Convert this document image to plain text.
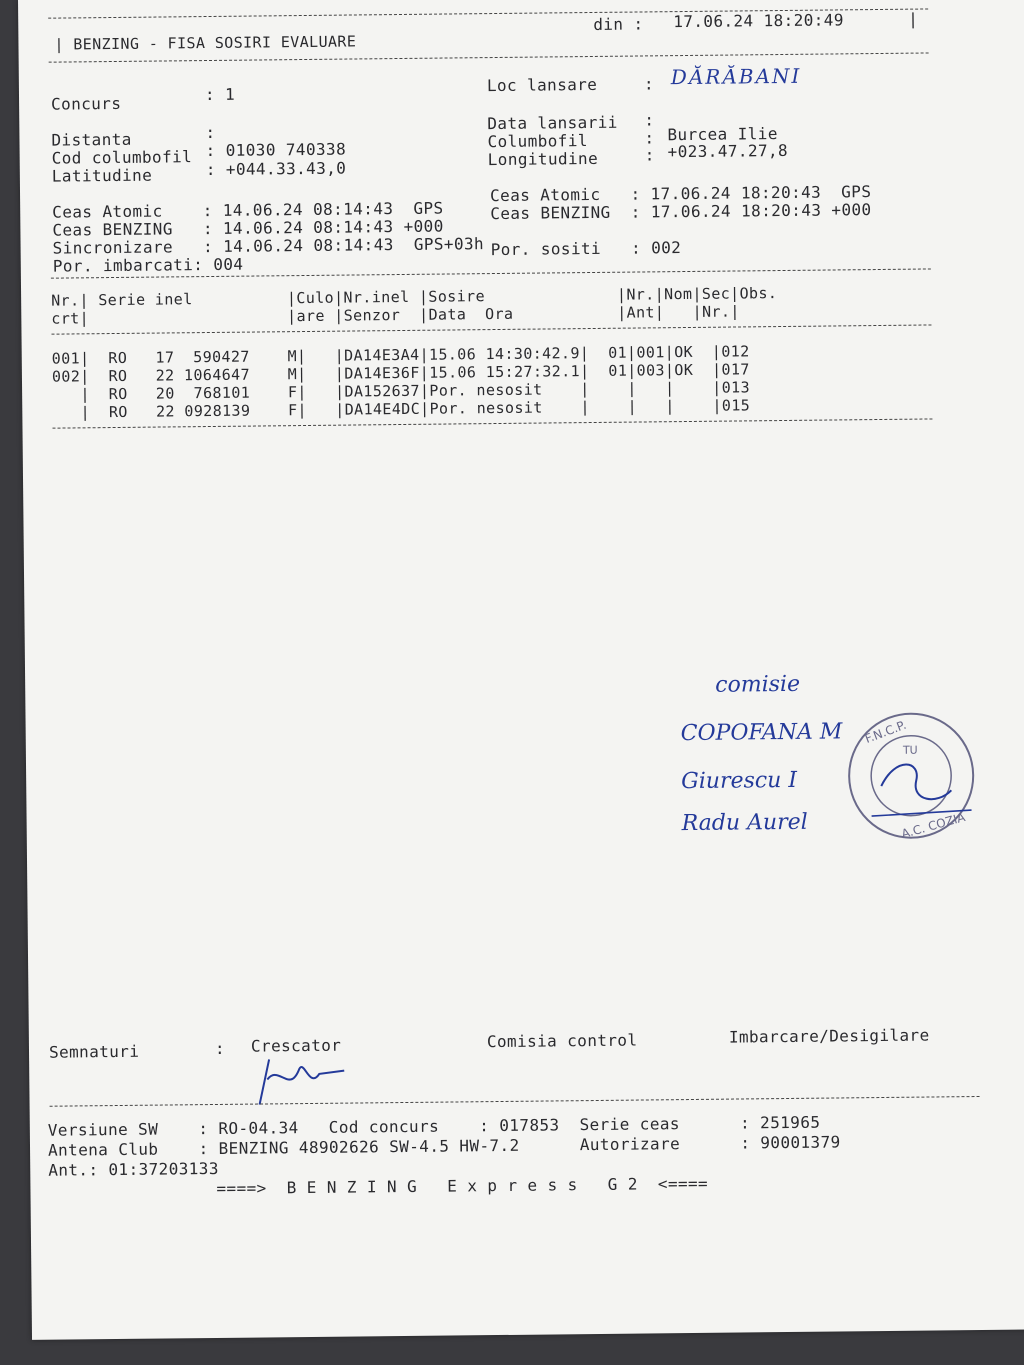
| BENZING - FISA SOSIRI EVALUARE
din : 17.06.24 18:20:49	|
Concurs	: 1
Distanta	:
Cod columbofil : 01030 740338
Latitudine	: +044.33.43,0
Loc lansare	: DĂRĂBANI
Data lansarii :
Columbofil	: Burcea Ilie
Longitudine	: +023.47.27,8
Ceas Atomic    : 14.06.24 08:14:43  GPS
Ceas BENZING   : 14.06.24 08:14:43 +000
Sincronizare   : 14.06.24 08:14:43  GPS+03h
Por. imbarcati: 004
Ceas Atomic   : 17.06.24 18:20:43  GPS
Ceas BENZING  : 17.06.24 18:20:43 +000
Por. sositi   : 002
Nr.| Serie inel          |Culo|Nr.inel |Sosire              |Nr.|Nom|Sec|Obs.
crt|                     |are |Senzor  |Data  Ora           |Ant|   |Nr.|
001|  RO   17  590427    M|   |DA14E3A4|15.06 14:30:42.9|  01|001|OK  |012
002|  RO   22 1064647    M|   |DA14E36F|15.06 15:27:32.1|  01|003|OK  |017
|  RO   20  768101    F|   |DA152637|Por. nesosit    |    |   |    |013
|  RO   22 0928139    F|   |DA14E4DC|Por. nesosit    |    |   |    |015
comisie
COPOFANA M
Giurescu I
Radu Aurel
F.N.C.P.
A.C. COZIA
TU
Semnaturi	: Crescator	Comisia control	Imbarcare/Desigilare
Versiune SW    : RO-04.34   Cod concurs    : 017853  Serie ceas      : 251965
Antena Club    : BENZING 48902626 SW-4.5 HW-7.2      Autorizare      : 90001379
Ant.: 01:37203133
====>  B E N Z I N G   E x p r e s s   G 2  <====
